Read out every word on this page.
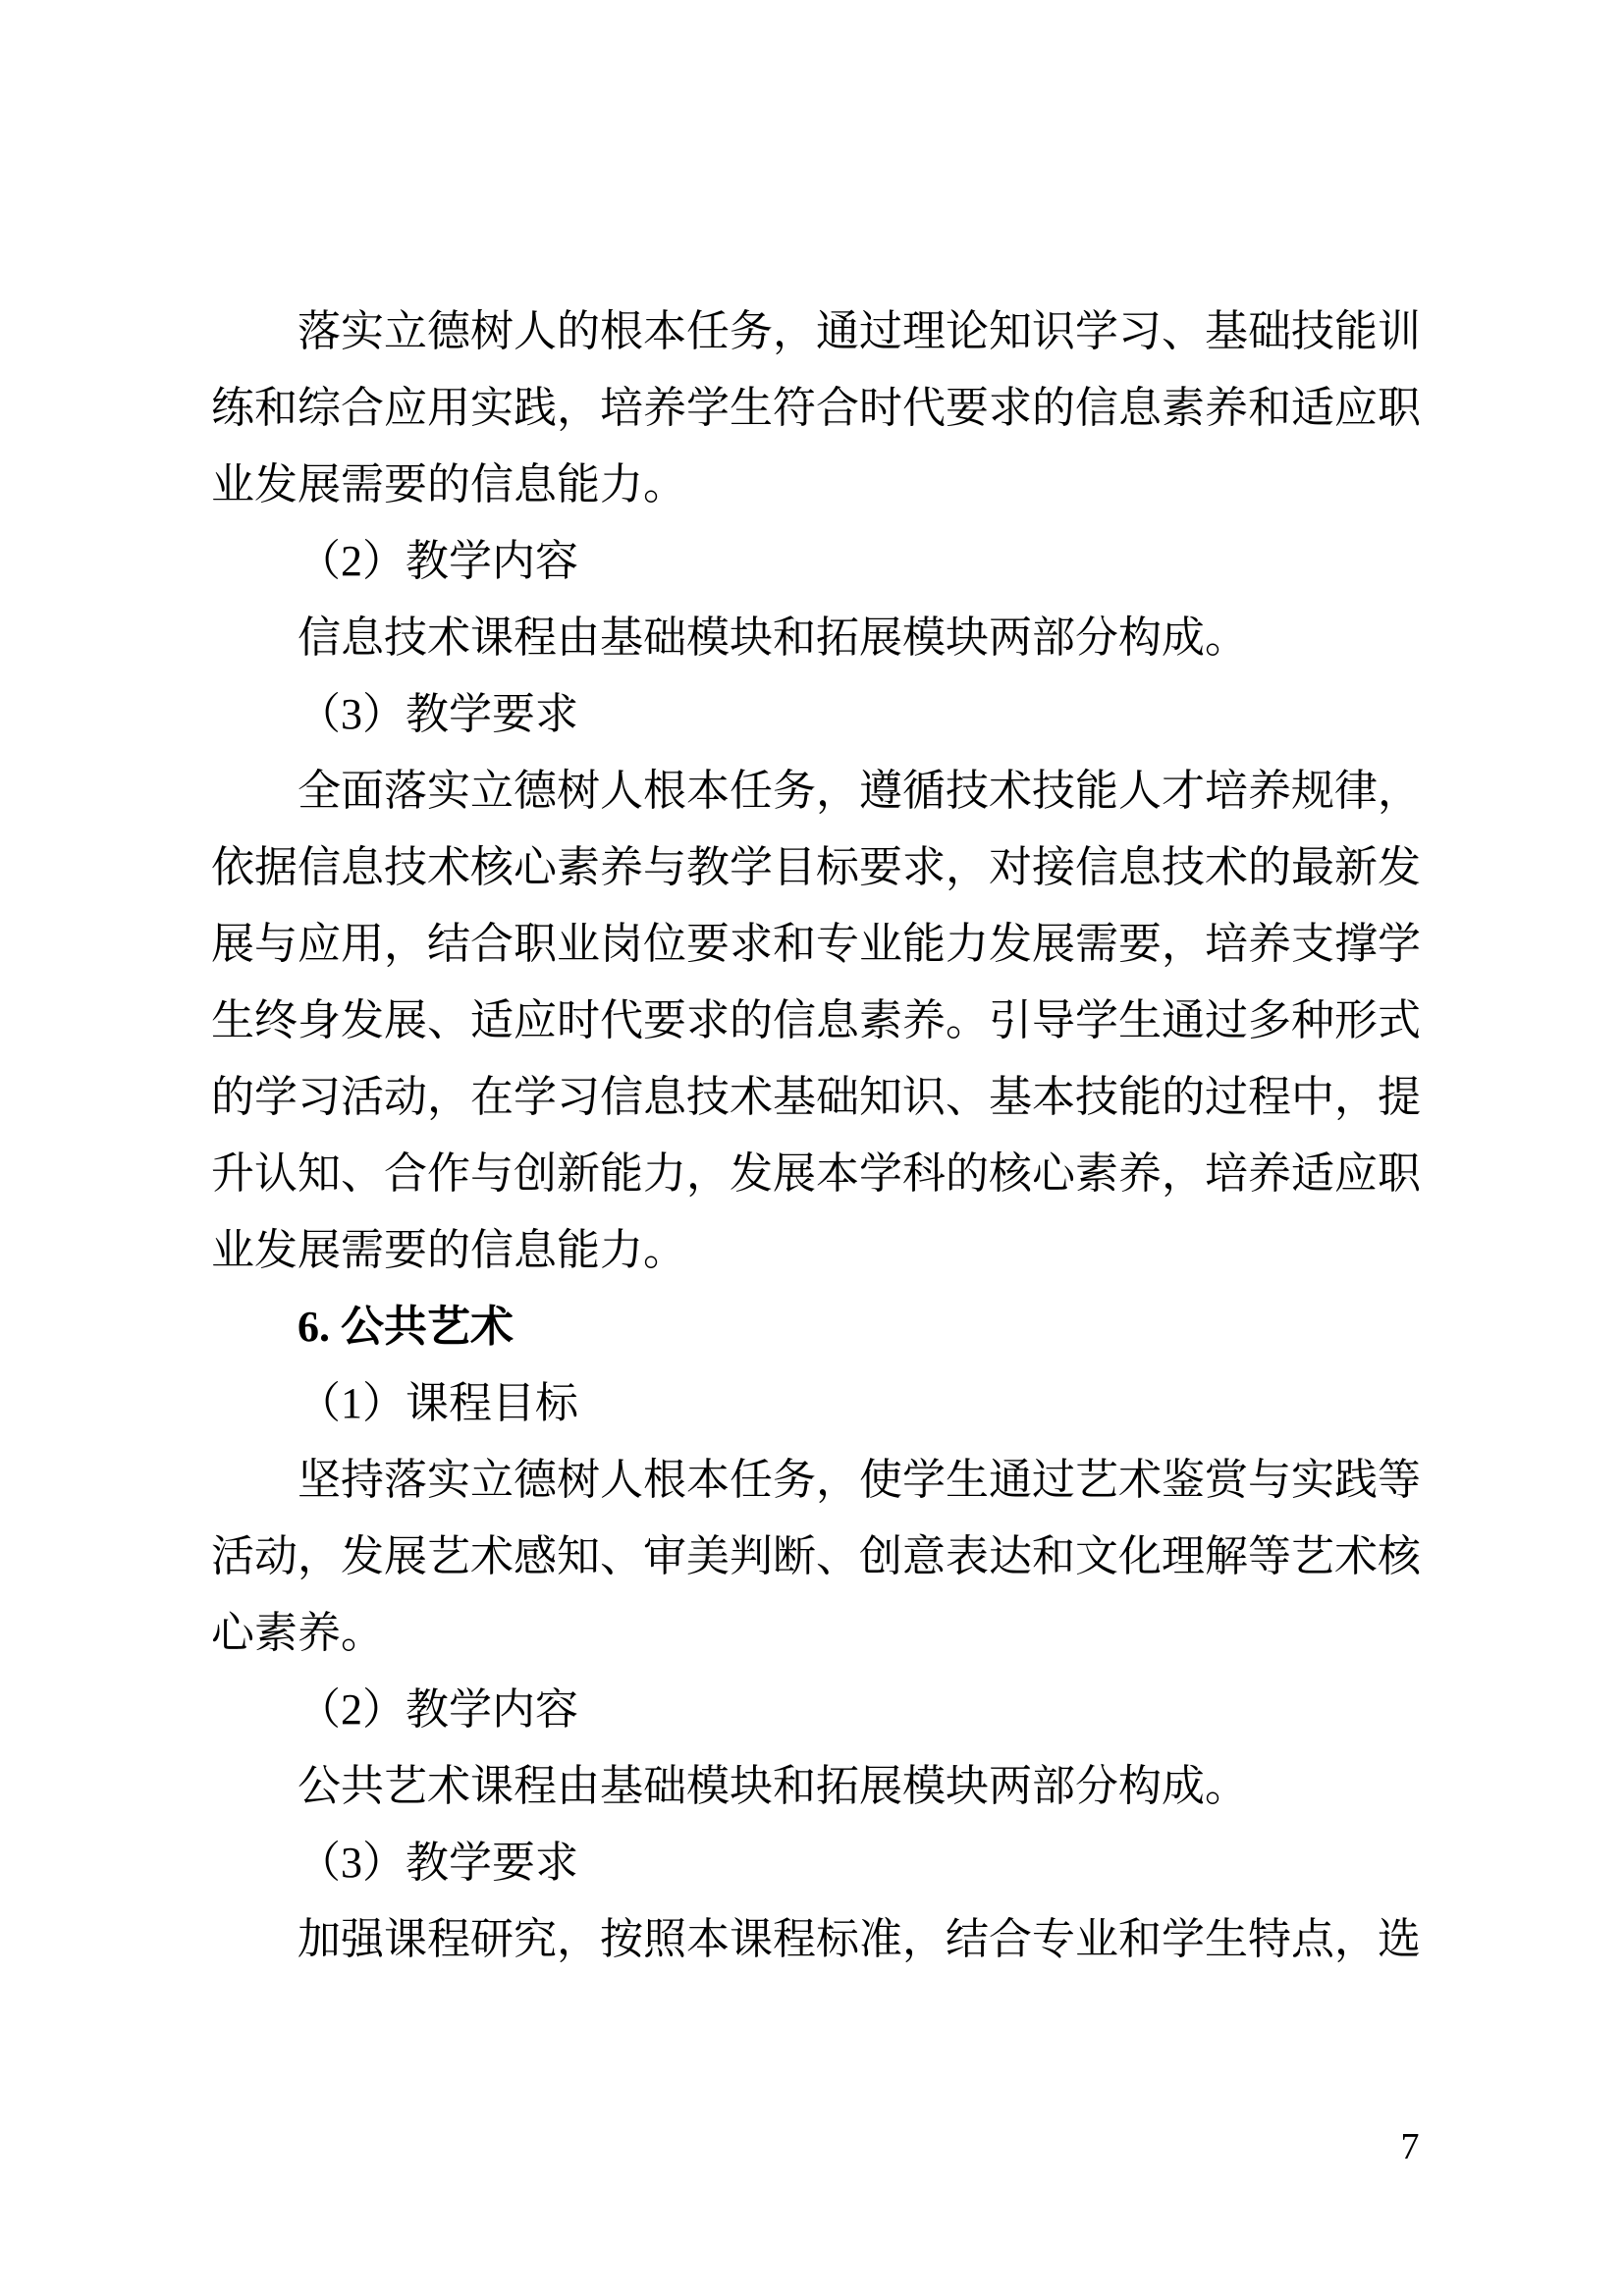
落实立德树人的根本任务，通过理论知识学习、基础技能训练和综合应用实践，培养学生符合时代要求的信息素养和适应职业发展需要的信息能力。

（2）教学内容

信息技术课程由基础模块和拓展模块两部分构成。

（3）教学要求

全面落实立德树人根本任务，遵循技术技能人才培养规律，依据信息技术核心素养与教学目标要求，对接信息技术的最新发展与应用，结合职业岗位要求和专业能力发展需要，培养支撑学生终身发展、适应时代要求的信息素养。引导学生通过多种形式的学习活动，在学习信息技术基础知识、基本技能的过程中，提升认知、合作与创新能力，发展本学科的核心素养，培养适应职业发展需要的信息能力。

6. 公共艺术

（1）课程目标

坚持落实立德树人根本任务，使学生通过艺术鉴赏与实践等活动，发展艺术感知、审美判断、创意表达和文化理解等艺术核心素养。

（2）教学内容

公共艺术课程由基础模块和拓展模块两部分构成。

（3）教学要求

加强课程研究，按照本课程标准，结合专业和学生特点，选

7
